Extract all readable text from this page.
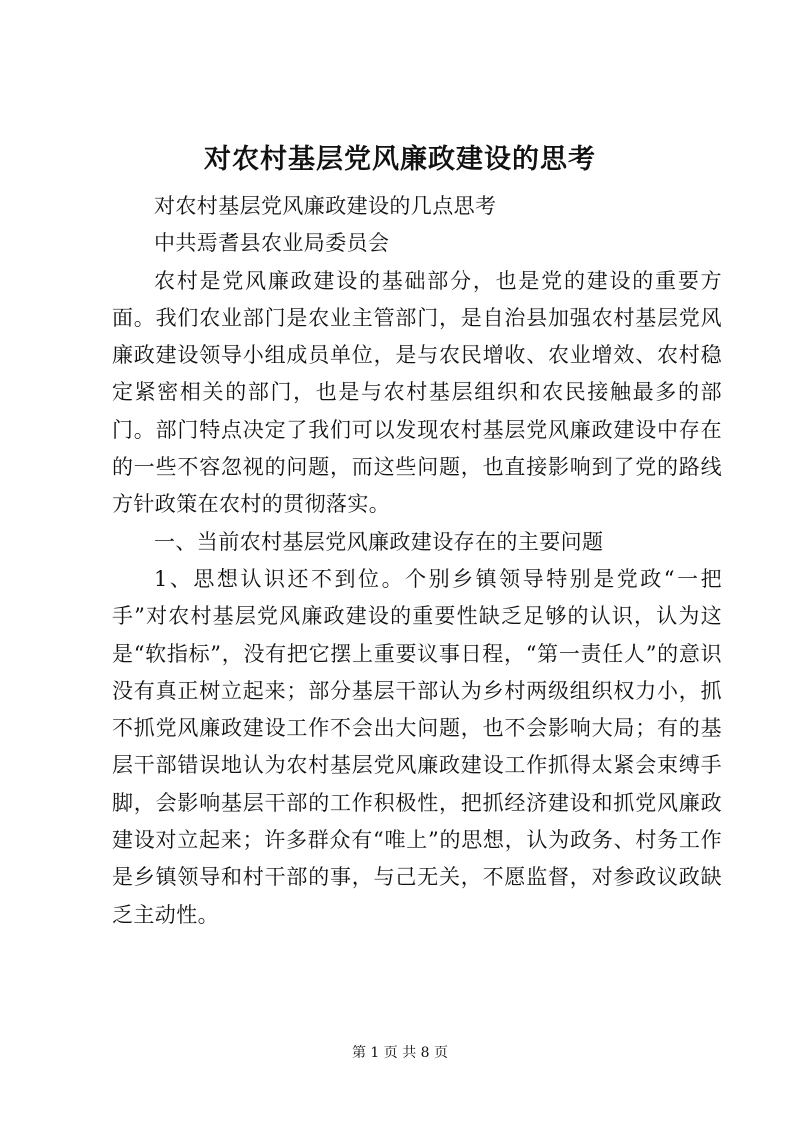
对农村基层党风廉政建设的思考

对农村基层党风廉政建设的几点思考

中共焉耆县农业局委员会

农村是党风廉政建设的基础部分，也是党的建设的重要方面。我们农业部门是农业主管部门，是自治县加强农村基层党风廉政建设领导小组成员单位，是与农民增收、农业增效、农村稳定紧密相关的部门，也是与农村基层组织和农民接触最多的部门。部门特点决定了我们可以发现农村基层党风廉政建设中存在的一些不容忽视的问题，而这些问题，也直接影响到了党的路线方针政策在农村的贯彻落实。

一、当前农村基层党风廉政建设存在的主要问题

1、思想认识还不到位。个别乡镇领导特别是党政“一把手”对农村基层党风廉政建设的重要性缺乏足够的认识，认为这是“软指标”，没有把它摆上重要议事日程，“第一责任人”的意识没有真正树立起来；部分基层干部认为乡村两级组织权力小，抓不抓党风廉政建设工作不会出大问题，也不会影响大局；有的基层干部错误地认为农村基层党风廉政建设工作抓得太紧会束缚手脚，会影响基层干部的工作积极性，把抓经济建设和抓党风廉政建设对立起来；许多群众有“唯上”的思想，认为政务、村务工作是乡镇领导和村干部的事，与己无关，不愿监督，对参政议政缺乏主动性。

第 1 页 共 8 页
